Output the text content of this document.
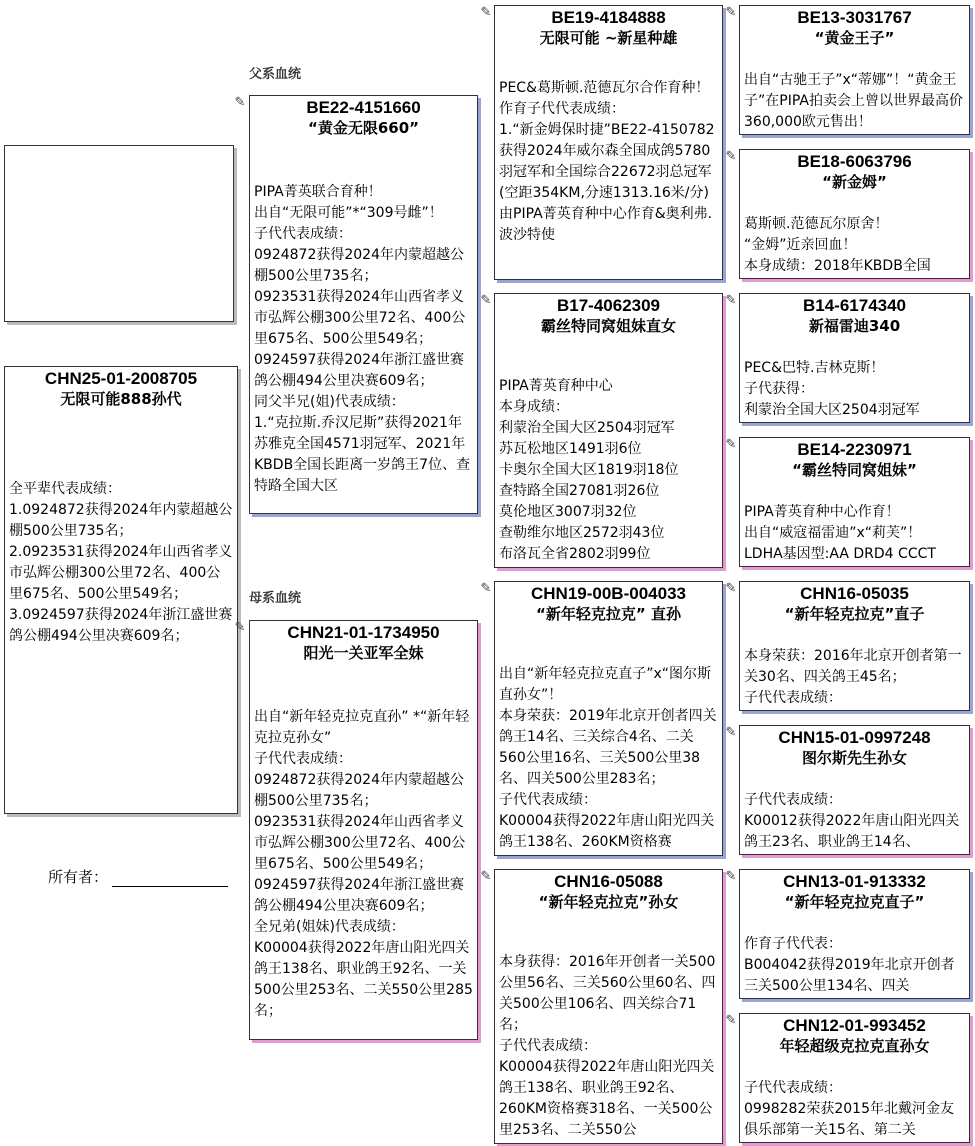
CHN25-01-2008705
无限可能888孙代
全平辈代表成绩：
1.0924872获得2024年内蒙超越公棚500公里735名；
2.0923531获得2024年山西省孝义市弘辉公棚300公里72名、400公里675名、500公里549名；
3.0924597获得2024年浙江盛世赛鸽公棚494公里决赛609名；
所有者：
父系血统
母系血统
✎	BE22-4151660
“黄金无限660”
PIPA菁英联合育种！
出自“无限可能”*“309号雌”！
子代代表成绩：
0924872获得2024年内蒙超越公棚500公里735名；
0923531获得2024年山西省孝义市弘辉公棚300公里72名、400公里675名、500公里549名；
0924597获得2024年浙江盛世赛鸽公棚494公里决赛609名；
同父半兄(姐)代表成绩：
1.“克拉斯.乔汉尼斯”获得2021年苏雅克全国4571羽冠军、2021年KBDB全国长距离一岁鸽王7位、查特路全国大区
✎	CHN21-01-1734950
阳光一关亚军全妹
出自“新年轻克拉克直孙” *“新年轻克拉克孙女”
子代代表成绩：
0924872获得2024年内蒙超越公棚500公里735名；
0923531获得2024年山西省孝义市弘辉公棚300公里72名、400公里675名、500公里549名；
0924597获得2024年浙江盛世赛鸽公棚494公里决赛609名；
全兄弟(姐妹)代表成绩：
K00004获得2022年唐山阳光四关鸽王138名、职业鸽王92名、一关500公里253名、二关550公里285名；
✎	BE19-4184888
无限可能 ~新星种雄
PEC&葛斯顿.范德瓦尔合作育种！
作育子代代表成绩：
1.“新金姆保时捷”BE22-4150782获得2024年威尔森全国成鸽5780羽冠军和全国综合22672羽总冠军(空距354KM,分速1313.16米/分)由PIPA菁英育种中心作育&奥利弗.波沙特使
✎	B17-4062309
霸丝特同窝姐妹直女
PIPA菁英育种中心
本身成绩：
利蒙治全国大区2504羽冠军
苏瓦松地区1491羽6位
卡奥尔全国大区1819羽18位
查特路全国27081羽26位
莫伦地区3007羽32位
查勒维尔地区2572羽43位
布洛瓦全省2802羽99位
✎	CHN19-00B-004033
“新年轻克拉克” 直孙
出自“新年轻克拉克直子”x“图尔斯直孙女”！
本身荣获：2019年北京开创者四关鸽王14名、三关综合4名、二关560公里16名、三关500公里38名、四关500公里283名；
子代代表成绩：
K00004获得2022年唐山阳光四关鸽王138名、260KM资格赛
✎	CHN16-05088
“新年轻克拉克”孙女
本身获得：2016年开创者一关500公里56名、三关560公里60名、四关500公里106名、四关综合71名；
子代代表成绩：
K00004获得2022年唐山阳光四关鸽王138名、职业鸽王92名、260KM资格赛318名、一关500公里253名、二关550公
✎	BE13-3031767
“黄金王子”
出自“古驰王子”x“蒂娜”！“黄金王子”在PIPA拍卖会上曾以世界最高价360,000欧元售出！
✎	BE18-6063796
“新金姆”
葛斯顿.范德瓦尔原舍！
“金姆”近亲回血！
本身成绩：2018年KBDB全国
✎	B14-6174340
新福雷迪340
PEC&巴特.吉林克斯！
子代获得：
利蒙治全国大区2504羽冠军
✎	BE14-2230971
“霸丝特同窝姐妹”
PIPA菁英育种中心作育！
出自“威寇福雷迪”x“莉芙”！
LDHA基因型:AA DRD4 CCCT
✎	CHN16-05035
“新年轻克拉克”直子
本身荣获：2016年北京开创者第一关30名、四关鸽王45名；
子代代表成绩：
✎	CHN15-01-0997248
图尔斯先生孙女
子代代表成绩：
K00012获得2022年唐山阳光四关鸽王23名、职业鸽王14名、
✎	CHN13-01-913332
“新年轻克拉克直子”
作育子代代表：
B004042获得2019年北京开创者三关500公里134名、四关
✎	CHN12-01-993452
年轻超级克拉克直孙女
子代代表成绩：
0998282荣获2015年北戴河金友俱乐部第一关15名、第二关
